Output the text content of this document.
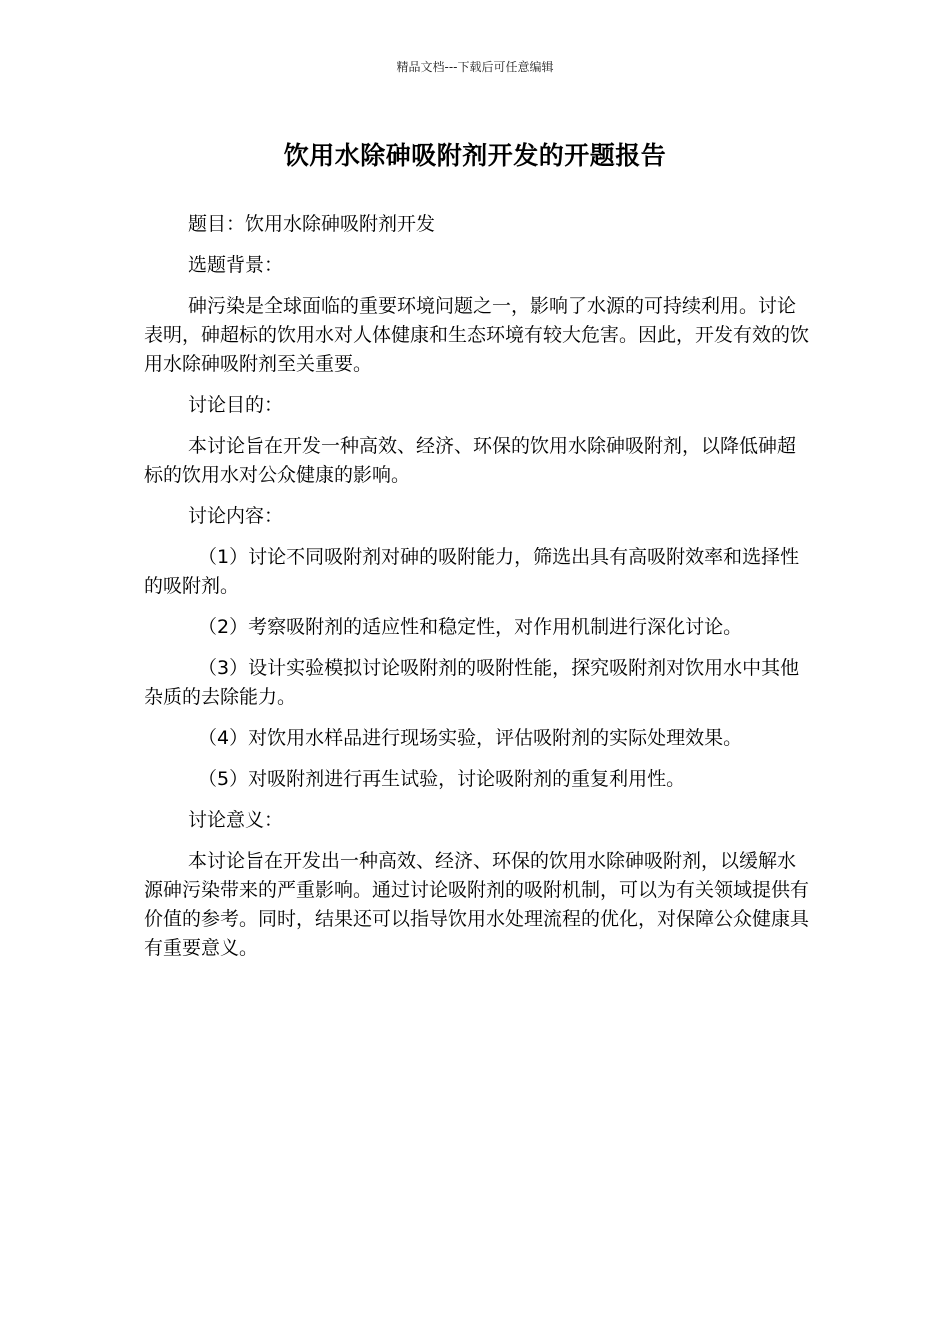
精品文档---下载后可任意编辑
饮用水除砷吸附剂开发的开题报告

题目：饮用水除砷吸附剂开发

选题背景：

砷污染是全球面临的重要环境问题之一，影响了水源的可持续利用。讨论表明，砷超标的饮用水对人体健康和生态环境有较大危害。因此，开发有效的饮用水除砷吸附剂至关重要。

讨论目的：

本讨论旨在开发一种高效、经济、环保的饮用水除砷吸附剂，以降低砷超标的饮用水对公众健康的影响。

讨论内容：

（1）讨论不同吸附剂对砷的吸附能力，筛选出具有高吸附效率和选择性的吸附剂。

（2）考察吸附剂的适应性和稳定性，对作用机制进行深化讨论。

（3）设计实验模拟讨论吸附剂的吸附性能，探究吸附剂对饮用水中其他杂质的去除能力。

（4）对饮用水样品进行现场实验，评估吸附剂的实际处理效果。

（5）对吸附剂进行再生试验，讨论吸附剂的重复利用性。

讨论意义：

本讨论旨在开发出一种高效、经济、环保的饮用水除砷吸附剂，以缓解水源砷污染带来的严重影响。通过讨论吸附剂的吸附机制，可以为有关领域提供有价值的参考。同时，结果还可以指导饮用水处理流程的优化，对保障公众健康具有重要意义。
